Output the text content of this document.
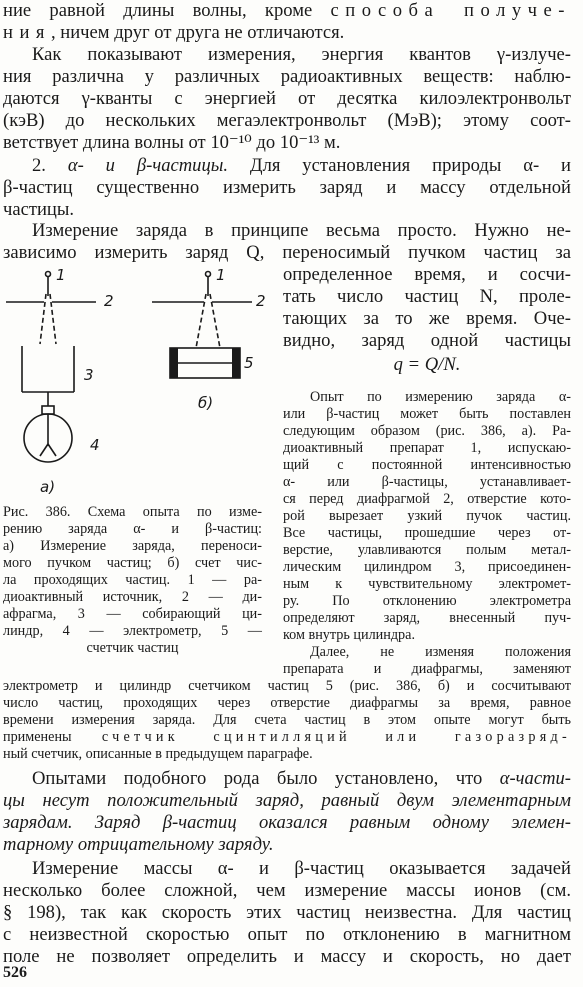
ние равной длины волны, кроме способа получе-
ния, ничем друг от друга не отличаются.
Как показывают измерения, энергия квантов γ-излуче-
ния различна у различных радиоактивных веществ: наблю-
даются γ-кванты с энергией от десятка килоэлектронвольт
(кэВ) до нескольких мегаэлектронвольт (МэВ); этому соот-
ветствует длина волны от 10⁻¹⁰ до 10⁻¹³ м.
2. α- и β-частицы. Для установления природы α- и
β-частиц существенно измерить заряд и массу отдельной
частицы.
Измерение заряда в принципе весьма просто. Нужно не-
зависимо измерить заряд Q, переносимый пучком частиц за
определенное время, и сосчи-
тать число частиц N, проле-
тающих за то же время. Оче-
видно, заряд одной частицы
q = Q/N.
Опыт по измерению заряда α-
или β-частиц может быть поставлен
следующим образом (рис. 386, а). Ра-
диоактивный препарат 1, испускаю-
щий с постоянной интенсивностью
α- или β-частицы, устанавливает-
ся перед диафрагмой 2, отверстие кото-
рой вырезает узкий пучок частиц.
Все частицы, прошедшие через от-
верстие, улавливаются полым метал-
лическим цилиндром 3, присоединен-
ным к чувствительному электромет-
ру. По отклонению электрометра
определяют заряд, внесенный пуч-
ком внутрь цилиндра.
Далее, не изменяя положения
препарата и диафрагмы, заменяют
1
2
3
4
1
2
5
б)
а)
Рис. 386. Схема опыта по изме-
рению заряда α- и β-частиц:
а) Измерение заряда, переноси-
мого пучком частиц; б) счет чис-
ла проходящих частиц. 1 — ра-
диоактивный источник, 2 — ди-
афрагма, 3 — собирающий ци-
линдр, 4 — электрометр, 5 —
счетчик частиц
электрометр и цилиндр счетчиком частиц 5 (рис. 386, б) и сосчитывают
число частиц, проходящих через отверстие диафрагмы за время, равное
времени измерения заряда. Для счета частиц в этом опыте могут быть
применены счетчик сцинтилляций или газоразряд-
ный счетчик, описанные в предыдущем параграфе.
Опытами подобного рода было установлено, что α-части-
цы несут положительный заряд, равный двум элементарным
зарядам. Заряд β-частиц оказался равным одному элемен-
тарному отрицательному заряду.
Измерение массы α- и β-частиц оказывается задачей
несколько более сложной, чем измерение массы ионов (см.
§ 198), так как скорость этих частиц неизвестна. Для частиц
с неизвестной скоростью опыт по отклонению в магнитном
поле не позволяет определить и массу и скорость, но дает
526
